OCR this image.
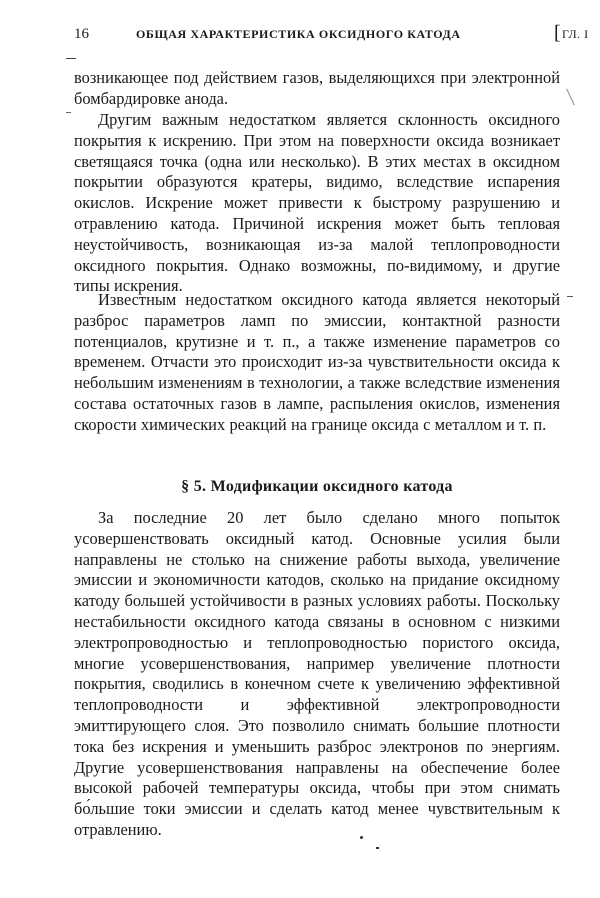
16	ОБЩАЯ ХАРАКТЕРИСТИКА ОКСИДНОГО КАТОДА	[ ГЛ. I

возникающее под действием газов, выделяющихся при электронной бомбардировке анода.

Другим важным недостатком является склонность оксидного покрытия к искрению. При этом на поверхности оксида возникает светящаяся точка (одна или несколько). В этих местах в оксидном покрытии образуются кратеры, видимо, вследствие испарения окислов. Искрение может привести к быстрому разрушению и отравлению катода. Причиной искрения может быть тепловая неустойчивость, возникающая из-за малой теплопроводности оксидного покрытия. Однако возможны, по-видимому, и другие типы искрения.

Известным недостатком оксидного катода является некоторый разброс параметров ламп по эмиссии, контактной разности потенциалов, крутизне и т. п., а также изменение параметров со временем. Отчасти это происходит из-за чувствительности оксида к небольшим изменениям в технологии, а также вследствие изменения состава остаточных газов в лампе, распыления окислов, изменения скорости химических реакций на границе оксида с металлом и т. п.

§ 5. Модификации оксидного катода

За последние 20 лет было сделано много попыток усовершенствовать оксидный катод. Основные усилия были направлены не столько на снижение работы выхода, увеличение эмиссии и экономичности катодов, сколько на придание оксидному катоду большей устойчивости в разных условиях работы. Поскольку нестабильности оксидного катода связаны в основном с низкими электропроводностью и теплопроводностью пористого оксида, многие усовершенствования, например увеличение плотности покрытия, сводились в конечном счете к увеличению эффективной теплопроводности и эффективной электропроводности эмиттирующего слоя. Это позволило снимать большие плотности тока без искрения и уменьшить разброс электронов по энергиям. Другие усовершенствования направлены на обеспечение более высокой рабочей температуры оксида, чтобы при этом снимать бо́льшие токи эмиссии и сделать катод менее чувствительным к отравлению.
